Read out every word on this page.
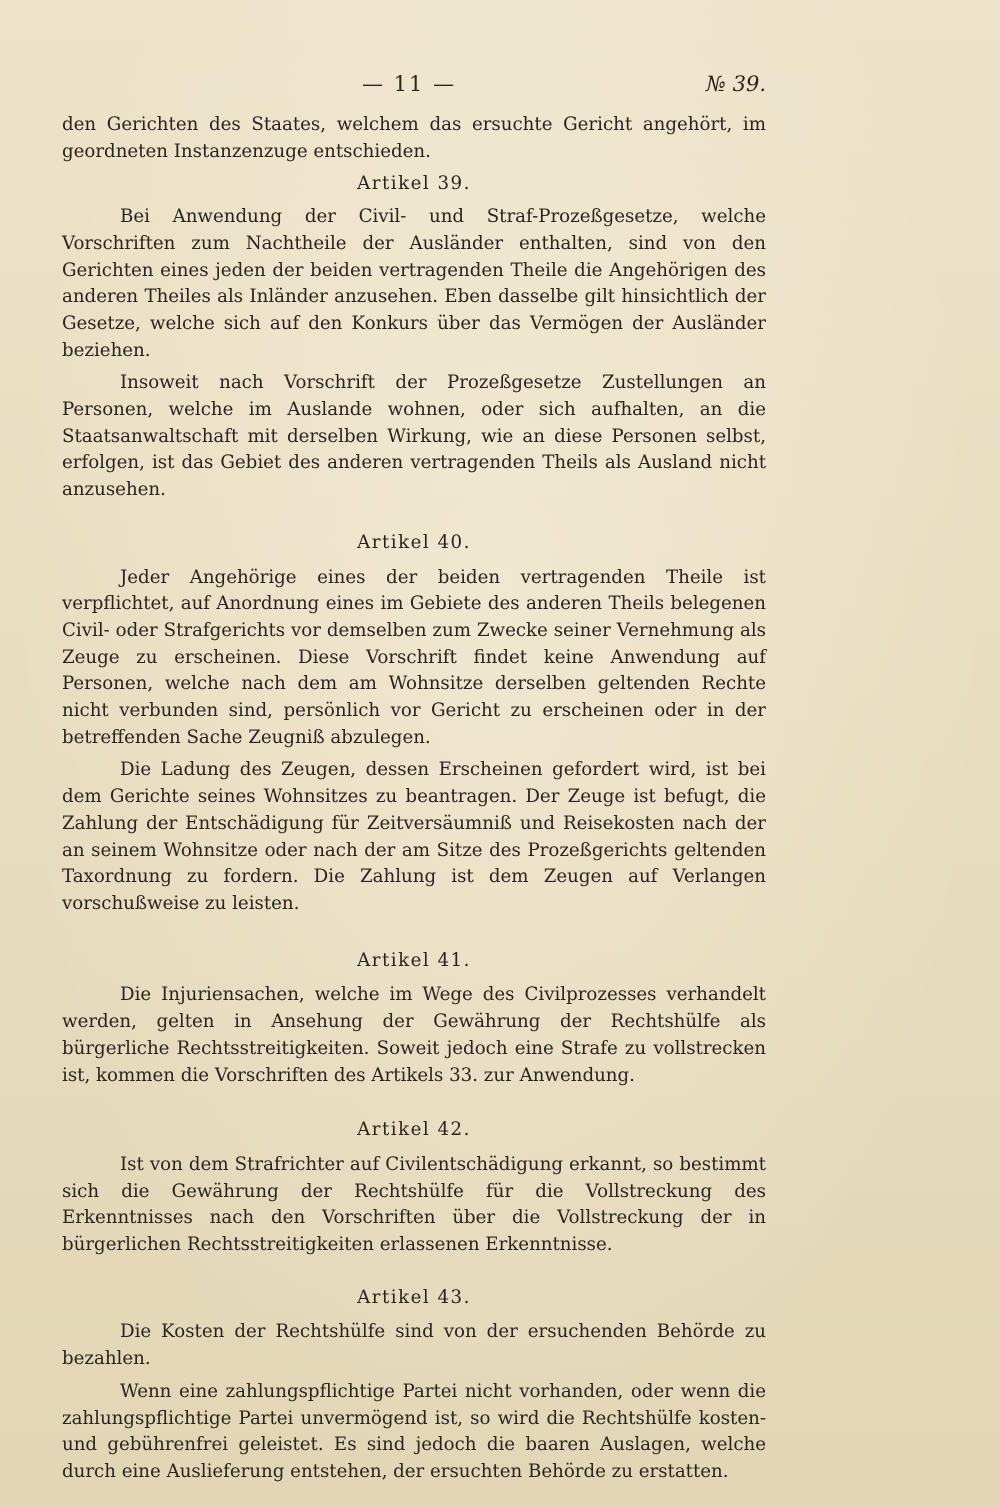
— 11 —	№ 39.

den Gerichten des Staates, welchem das ersuchte Gericht angehört, im geordneten Instanzenzuge entschieden.

Artikel 39.

Bei Anwendung der Civil- und Straf-Prozeßgesetze, welche Vorschriften zum Nachtheile der Ausländer enthalten, sind von den Gerichten eines jeden der beiden vertragenden Theile die Angehörigen des anderen Theiles als Inländer anzusehen. Eben dasselbe gilt hinsichtlich der Gesetze, welche sich auf den Konkurs über das Vermögen der Ausländer beziehen.

Insoweit nach Vorschrift der Prozeßgesetze Zustellungen an Personen, welche im Auslande wohnen, oder sich aufhalten, an die Staatsanwaltschaft mit derselben Wirkung, wie an diese Personen selbst, erfolgen, ist das Gebiet des anderen vertragenden Theils als Ausland nicht anzusehen.

Artikel 40.

Jeder Angehörige eines der beiden vertragenden Theile ist verpflichtet, auf Anordnung eines im Gebiete des anderen Theils belegenen Civil- oder Strafgerichts vor demselben zum Zwecke seiner Vernehmung als Zeuge zu erscheinen. Diese Vorschrift findet keine Anwendung auf Personen, welche nach dem am Wohnsitze derselben geltenden Rechte nicht verbunden sind, persönlich vor Gericht zu erscheinen oder in der betreffenden Sache Zeugniß abzulegen.

Die Ladung des Zeugen, dessen Erscheinen gefordert wird, ist bei dem Gerichte seines Wohnsitzes zu beantragen. Der Zeuge ist befugt, die Zahlung der Entschädigung für Zeitversäumniß und Reisekosten nach der an seinem Wohnsitze oder nach der am Sitze des Prozeßgerichts geltenden Taxordnung zu fordern. Die Zahlung ist dem Zeugen auf Verlangen vorschußweise zu leisten.

Artikel 41.

Die Injuriensachen, welche im Wege des Civilprozesses verhandelt werden, gelten in Ansehung der Gewährung der Rechtshülfe als bürgerliche Rechtsstreitigkeiten. Soweit jedoch eine Strafe zu vollstrecken ist, kommen die Vorschriften des Artikels 33. zur Anwendung.

Artikel 42.

Ist von dem Strafrichter auf Civilentschädigung erkannt, so bestimmt sich die Gewährung der Rechtshülfe für die Vollstreckung des Erkenntnisses nach den Vorschriften über die Vollstreckung der in bürgerlichen Rechtsstreitigkeiten erlassenen Erkenntnisse.

Artikel 43.

Die Kosten der Rechtshülfe sind von der ersuchenden Behörde zu bezahlen.

Wenn eine zahlungspflichtige Partei nicht vorhanden, oder wenn die zahlungspflichtige Partei unvermögend ist, so wird die Rechtshülfe kosten- und gebührenfrei geleistet. Es sind jedoch die baaren Auslagen, welche durch eine Auslieferung entstehen, der ersuchten Behörde zu erstatten.
